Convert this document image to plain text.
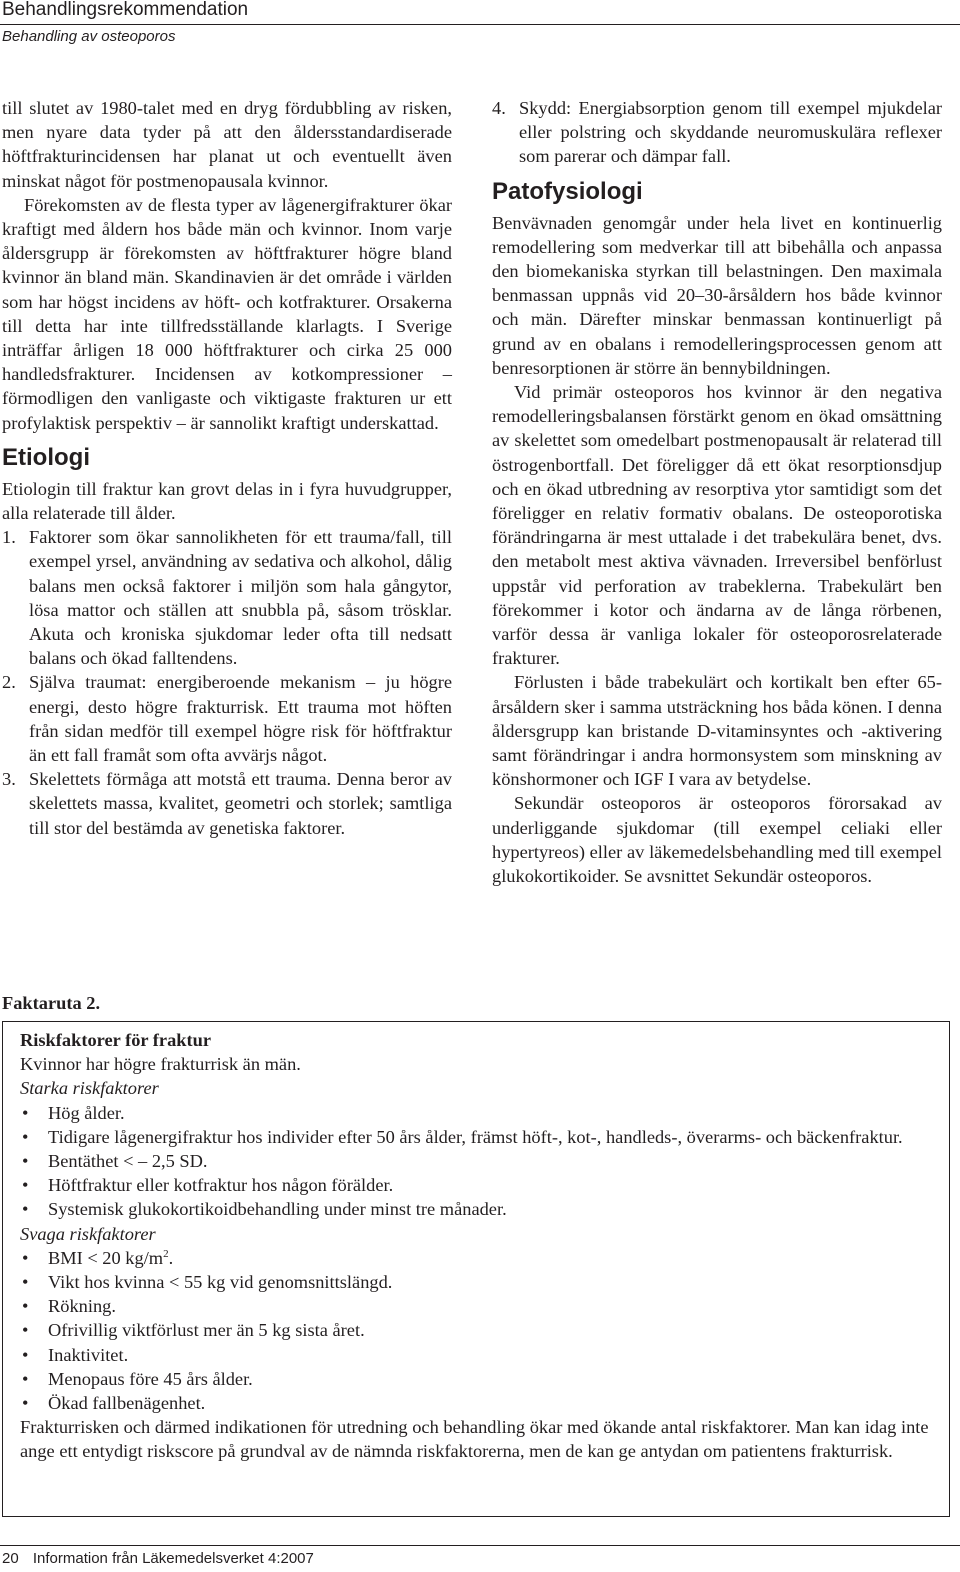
Behandlingsrekommendation
Behandling av osteoporos

till slutet av 1980-talet med en dryg fördubbling av risken, men nyare data tyder på att den åldersstandardiserade höftfrakturincidensen har planat ut och eventuellt även minskat något för postmenopausala kvinnor.

Förekomsten av de flesta typer av lågenergifrakturer ökar kraftigt med åldern hos både män och kvinnor. Inom varje åldersgrupp är förekomsten av höftfrakturer högre bland kvinnor än bland män. Skandinavien är det område i världen som har högst incidens av höft- och kotfrakturer. Orsakerna till detta har inte tillfredsställande klarlagts. I Sverige inträffar årligen 18 000 höftfrakturer och cirka 25 000 handledsfrakturer. Incidensen av kotkompressioner – förmodligen den vanligaste och viktigaste frakturen ur ett profylaktisk perspektiv – är sannolikt kraftigt underskattad.

Etiologi

Etiologin till fraktur kan grovt delas in i fyra huvudgrupper, alla relaterade till ålder.

1. Faktorer som ökar sannolikheten för ett trauma/fall, till exempel yrsel, användning av sedativa och alkohol, dålig balans men också faktorer i miljön som hala gångytor, lösa mattor och ställen att snubbla på, såsom trösklar. Akuta och kroniska sjukdomar leder ofta till nedsatt balans och ökad falltendens.
2. Själva traumat: energiberoende mekanism – ju högre energi, desto högre frakturrisk. Ett trauma mot höften från sidan medför till exempel högre risk för höftfraktur än ett fall framåt som ofta avvärjs något.
3. Skelettets förmåga att motstå ett trauma. Denna beror av skelettets massa, kvalitet, geometri och storlek; samtliga till stor del bestämda av genetiska faktorer.
4. Skydd: Energiabsorption genom till exempel mjukdelar eller polstring och skyddande neuromuskulära reflexer som parerar och dämpar fall.
Patofysiologi

Benvävnaden genomgår under hela livet en kontinuerlig remodellering som medverkar till att bibehålla och anpassa den biomekaniska styrkan till belastningen. Den maximala benmassan uppnås vid 20–30-årsåldern hos både kvinnor och män. Därefter minskar benmassan kontinuerligt på grund av en obalans i remodelleringsprocessen genom att benresorptionen är större än bennybildningen.

Vid primär osteoporos hos kvinnor är den negativa remodelleringsbalansen förstärkt genom en ökad omsättning av skelettet som omedelbart postmenopausalt är relaterad till östrogenbortfall. Det föreligger då ett ökat resorptionsdjup och en ökad utbredning av resorptiva ytor samtidigt som det föreligger en relativ formativ obalans. De osteoporotiska förändringarna är mest uttalade i det trabekulära benet, dvs. den metabolt mest aktiva vävnaden. Irreversibel benförlust uppstår vid perforation av trabeklerna. Trabekulärt ben förekommer i kotor och ändarna av de långa rörbenen, varför dessa är vanliga lokaler för osteoporosrelaterade frakturer.

Förlusten i både trabekulärt och kortikalt ben efter 65-årsåldern sker i samma utsträckning hos båda könen. I denna åldersgrupp kan bristande D-vitaminsyntes och -aktivering samt förändringar i andra hormonsystem som minskning av könshormoner och IGF I vara av betydelse.

Sekundär osteoporos är osteoporos förorsakad av underliggande sjukdomar (till exempel celiaki eller hypertyreos) eller av läkemedelsbehandling med till exempel glukokortikoider. Se avsnittet Sekundär osteoporos.

Faktaruta 2.
Riskfaktorer för fraktur
Kvinnor har högre frakturrisk än män.
Starka riskfaktorer
• Hög ålder.
• Tidigare lågenergifraktur hos individer efter 50 års ålder, främst höft-, kot-, handleds-, överarms- och bäckenfraktur.
• Bentäthet < – 2,5 SD.
• Höftfraktur eller kotfraktur hos någon förälder.
• Systemisk glukokortikoidbehandling under minst tre månader.
Svaga riskfaktorer
• BMI < 20 $kg/m^2$.
• Vikt hos kvinna < 55 kg vid genomsnittslängd.
• Rökning.
• Ofrivillig viktförlust mer än 5 kg sista året.
• Inaktivitet.
• Menopaus före 45 års ålder.
• Ökad fallbenägenhet.
Frakturrisken och därmed indikationen för utredning och behandling ökar med ökande antal riskfaktorer. Man kan idag inte ange ett entydigt riskscore på grundval av de nämnda riskfaktorerna, men de kan ge antydan om patientens frakturrisk.
20 Information från Läkemedelsverket 4:2007
